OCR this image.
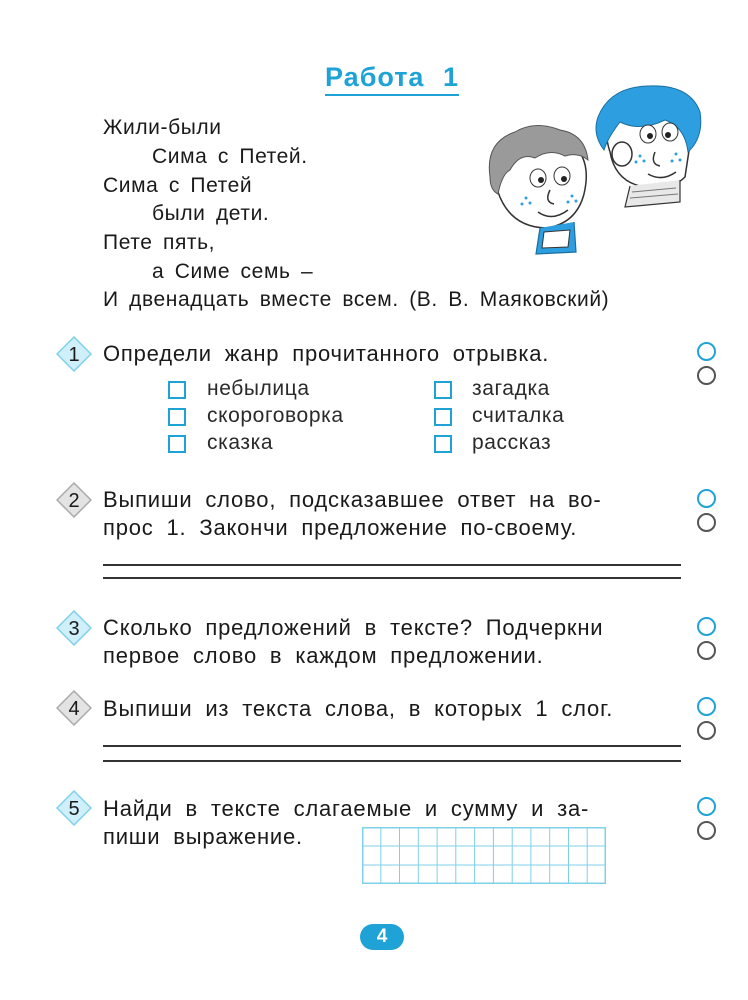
Работа 1
Жили-были
Сима с Петей.
Сима с Петей
были дети.
Пете пять,
а Симе семь –
И двенадцать вместе всем. (В. В. Маяковский)
1 Определи жанр прочитанного отрывка.
небылица
скороговорка
сказка
загадка
считалка
рассказ
2 Выпиши слово, подсказавшее ответ на во-
прос 1. Закончи предложение по-своему.
3 Сколько предложений в тексте? Подчеркни
первое слово в каждом предложении.
4 Выпиши из текста слова, в которых 1 слог.
5 Найди в тексте слагаемые и сумму и за-
пиши выражение.
4
